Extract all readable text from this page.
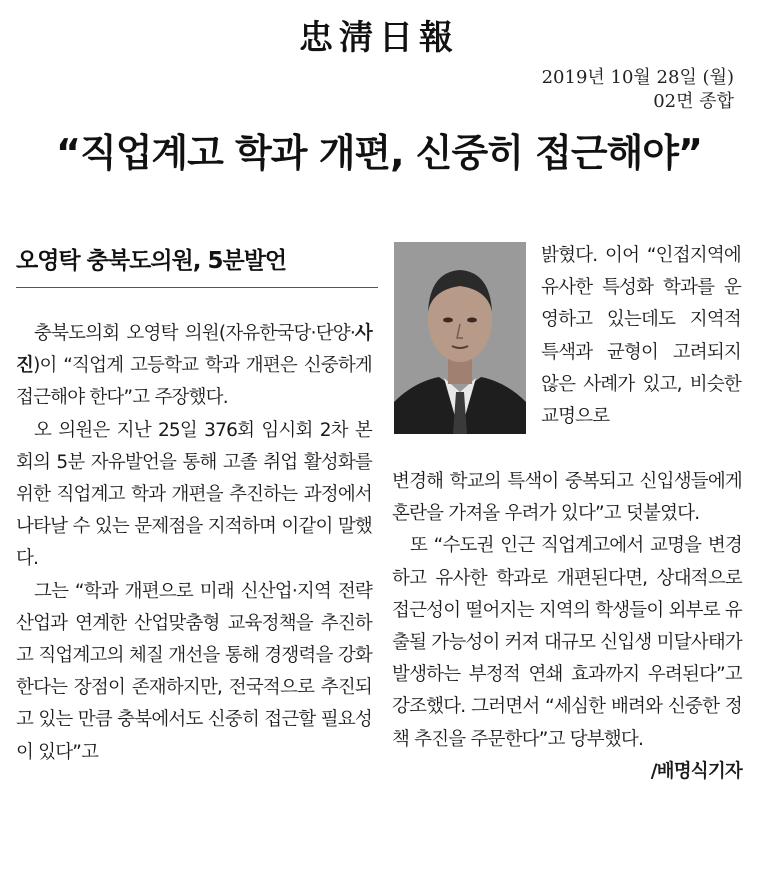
忠淸日報
2019년 10월 28일 (월)
02면 종합
“직업계고 학과 개편, 신중히 접근해야”
오영탁 충북도의원, 5분발언

충북도의회 오영탁 의원(자유한국당·단양·사진)이 “직업계 고등학교 학과 개편은 신중하게 접근해야 한다”고 주장했다.

오 의원은 지난 25일 376회 임시회 2차 본회의 5분 자유발언을 통해 고졸 취업 활성화를 위한 직업계고 학과 개편을 추진하는 과정에서 나타날 수 있는 문제점을 지적하며 이같이 말했다.

그는 “학과 개편으로 미래 신산업·지역 전략산업과 연계한 산업맞춤형 교육정책을 추진하고 직업계고의 체질 개선을 통해 경쟁력을 강화한다는 장점이 존재하지만, 전국적으로 추진되고 있는 만큼 충북에서도 신중히 접근할 필요성이 있다”고

밝혔다. 이어 “인접지역에 유사한 특성화 학과를 운영하고 있는데도 지역적 특색과 균형이 고려되지 않은 사례가 있고, 비슷한 교명으로

변경해 학교의 특색이 중복되고 신입생들에게 혼란을 가져올 우려가 있다”고 덧붙였다.

또 “수도권 인근 직업계고에서 교명을 변경하고 유사한 학과로 개편된다면, 상대적으로 접근성이 떨어지는 지역의 학생들이 외부로 유출될 가능성이 커져 대규모 신입생 미달사태가 발생하는 부정적 연쇄 효과까지 우려된다”고 강조했다. 그러면서 “세심한 배려와 신중한 정책 추진을 주문한다”고 당부했다.
/배명식기자
